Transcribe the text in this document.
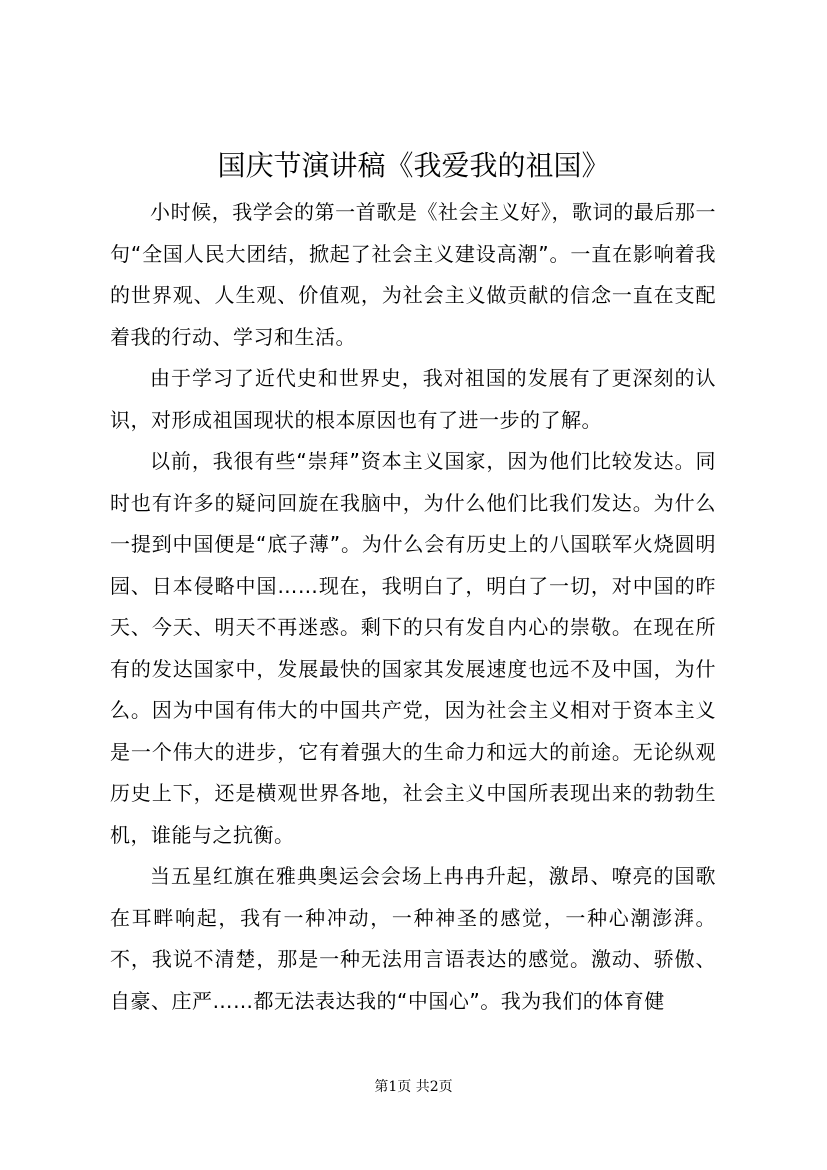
国庆节演讲稿《我爱我的祖国》

小时候，我学会的第一首歌是《社会主义好》，歌词的最后那一句“全国人民大团结，掀起了社会主义建设高潮”。一直在影响着我的世界观、人生观、价值观，为社会主义做贡献的信念一直在支配着我的行动、学习和生活。

由于学习了近代史和世界史，我对祖国的发展有了更深刻的认识，对形成祖国现状的根本原因也有了进一步的了解。

以前，我很有些“崇拜”资本主义国家，因为他们比较发达。同时也有许多的疑问回旋在我脑中，为什么他们比我们发达。为什么一提到中国便是“底子薄”。为什么会有历史上的八国联军火烧圆明园、日本侵略中国……现在，我明白了，明白了一切，对中国的昨天、今天、明天不再迷惑。剩下的只有发自内心的崇敬。在现在所有的发达国家中，发展最快的国家其发展速度也远不及中国，为什么。因为中国有伟大的中国共产党，因为社会主义相对于资本主义是一个伟大的进步，它有着强大的生命力和远大的前途。无论纵观历史上下，还是横观世界各地，社会主义中国所表现出来的勃勃生机，谁能与之抗衡。

当五星红旗在雅典奥运会会场上冉冉升起，激昂、嘹亮的国歌在耳畔响起，我有一种冲动，一种神圣的感觉，一种心潮澎湃。不，我说不清楚，那是一种无法用言语表达的感觉。激动、骄傲、自豪、庄严……都无法表达我的“中国心”。我为我们的体育健

第1页 共2页
